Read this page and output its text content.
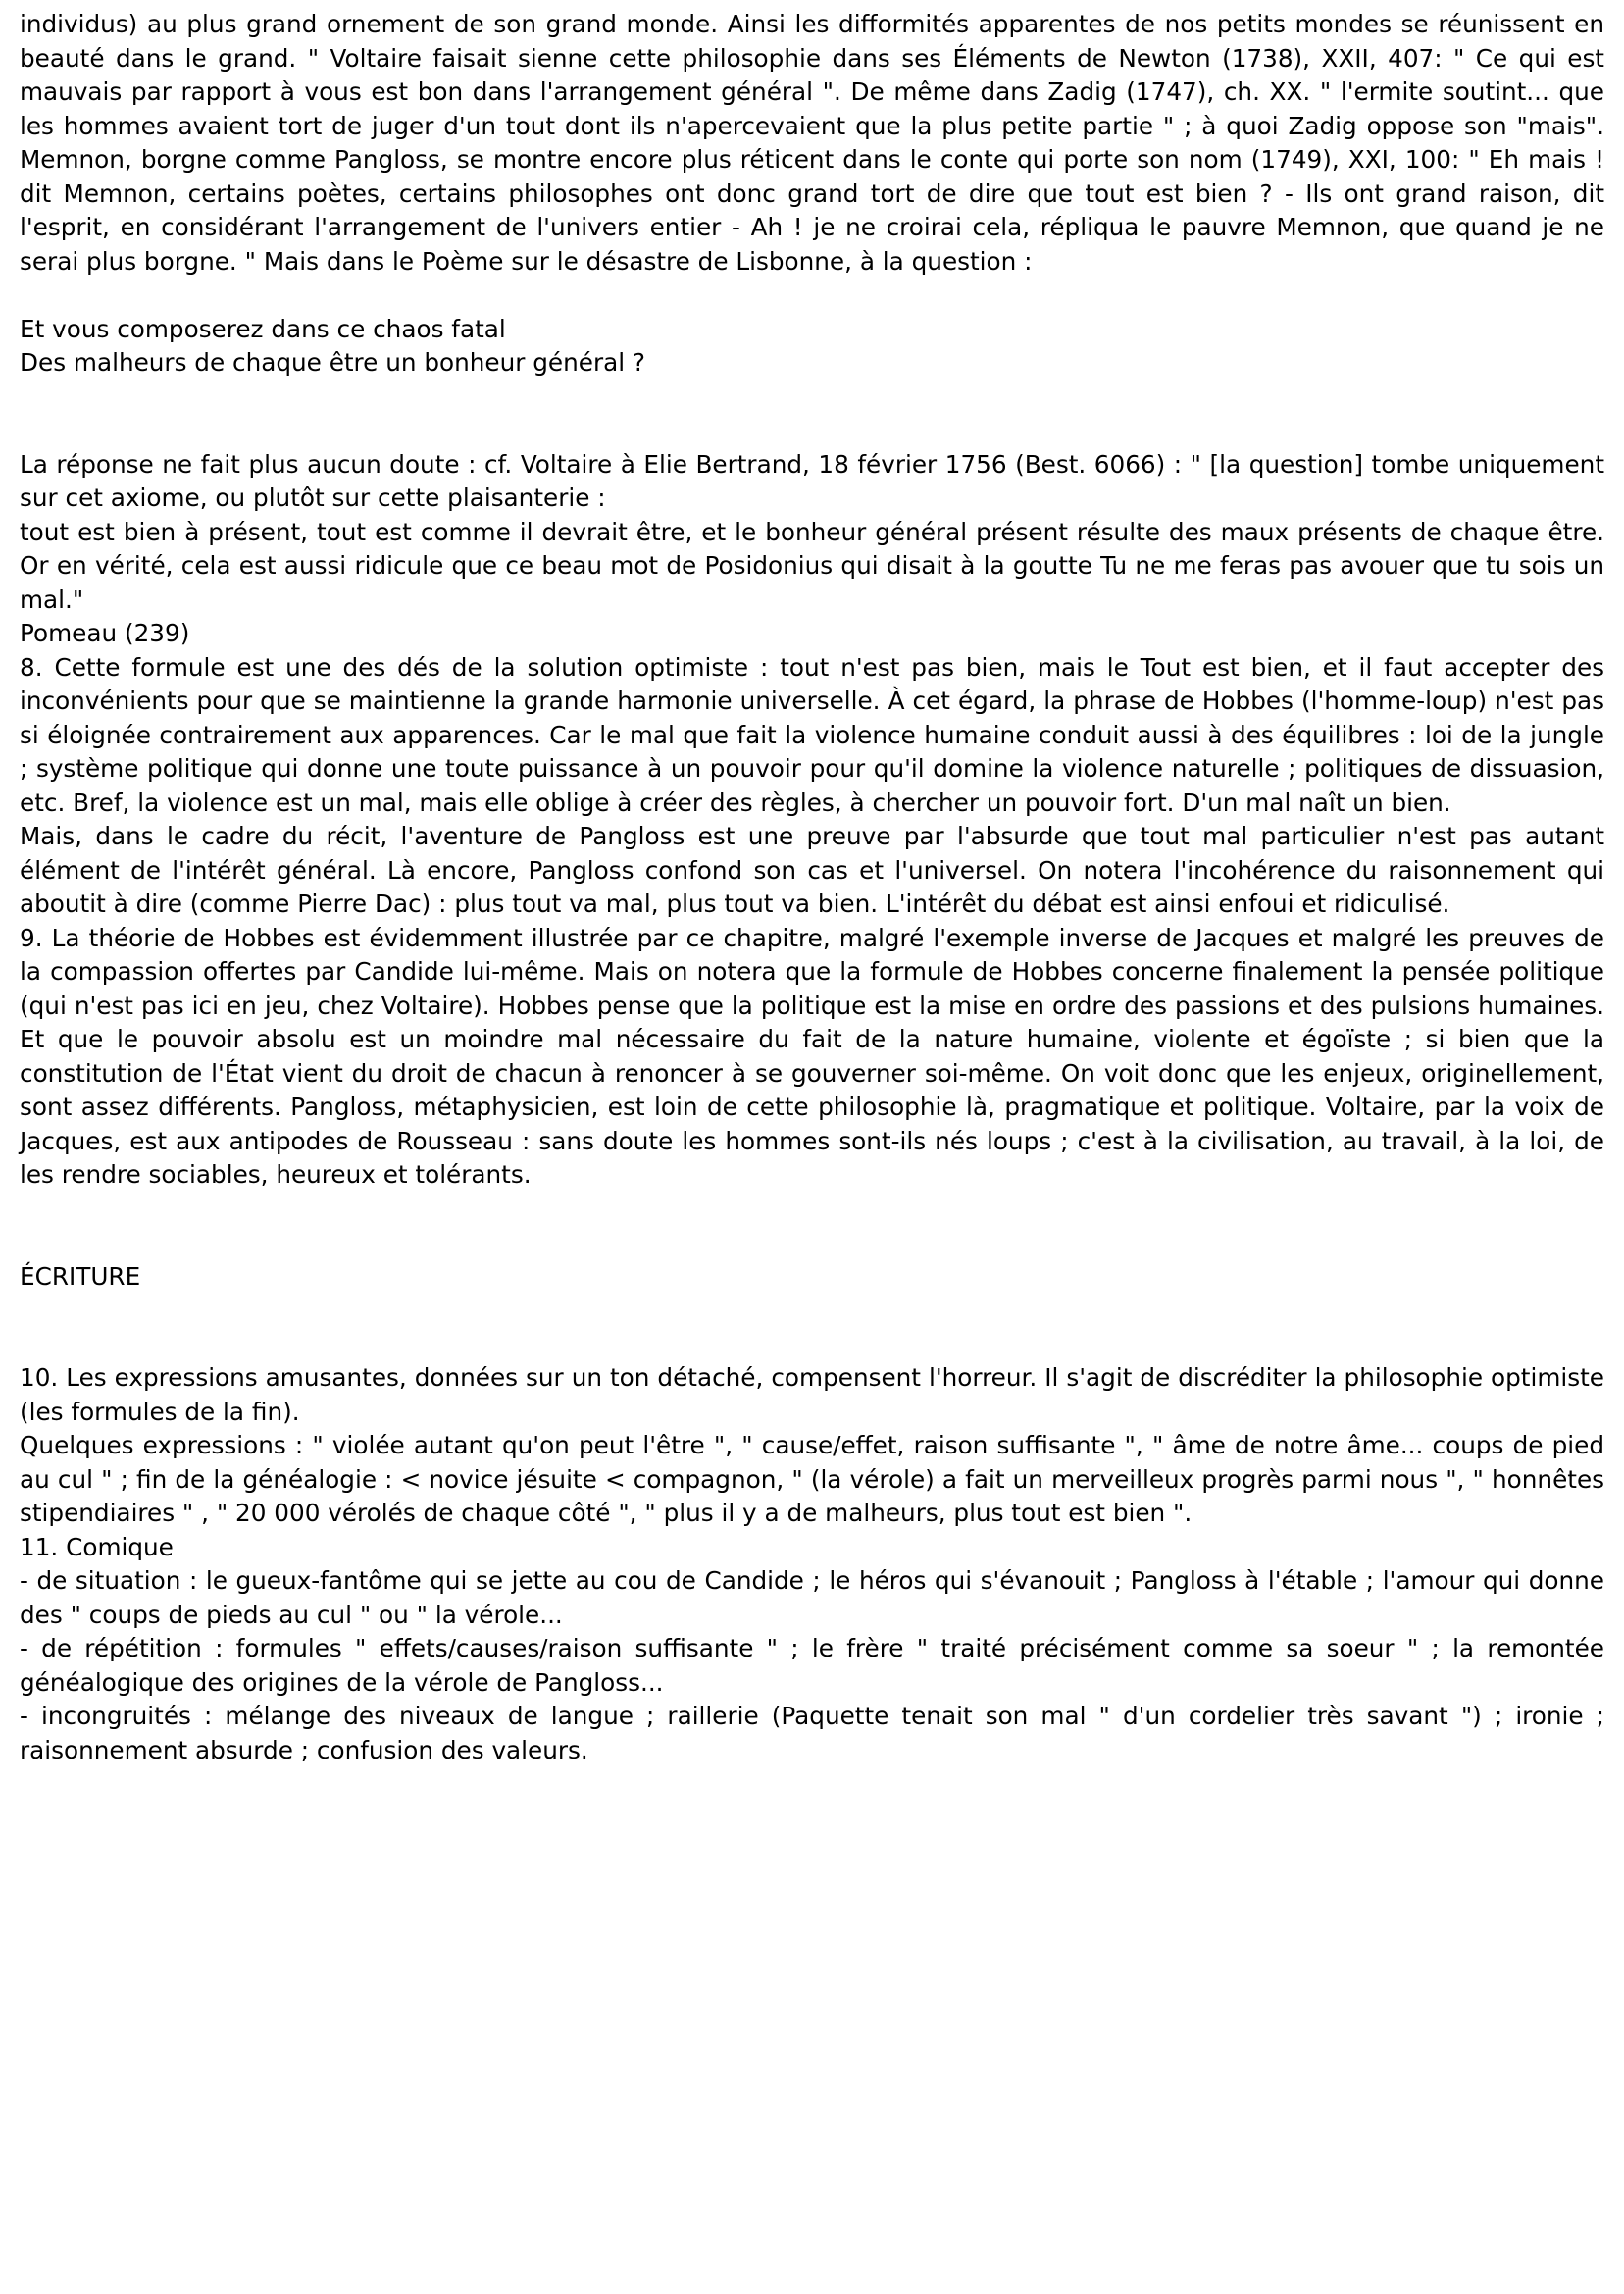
individus) au plus grand ornement de son grand monde. Ainsi les difformités apparentes de nos petits mondes se réunissent en beauté dans le grand. " Voltaire faisait sienne cette philosophie dans ses Éléments de Newton (1738), XXII, 407: " Ce qui est mauvais par rapport à vous est bon dans l'arrangement général ". De même dans Zadig (1747), ch. XX. " l'ermite soutint... que les hommes avaient tort de juger d'un tout dont ils n'apercevaient que la plus petite partie " ; à quoi Zadig oppose son "mais". Memnon, borgne comme Pangloss, se montre encore plus réticent dans le conte qui porte son nom (1749), XXI, 100: " Eh mais ! dit Memnon, certains poètes, certains philosophes ont donc grand tort de dire que tout est bien ? - Ils ont grand raison, dit l'esprit, en considérant l'arrangement de l'univers entier - Ah ! je ne croirai cela, répliqua le pauvre Memnon, que quand je ne serai plus borgne. " Mais dans le Poème sur le désastre de Lisbonne, à la question :
Et vous composerez dans ce chaos fatal
Des malheurs de chaque être un bonheur général ?
La réponse ne fait plus aucun doute : cf. Voltaire à Elie Bertrand, 18 février 1756 (Best. 6066) : " [la question] tombe uniquement sur cet axiome, ou plutôt sur cette plaisanterie :
tout est bien à présent, tout est comme il devrait être, et le bonheur général présent résulte des maux présents de chaque être. Or en vérité, cela est aussi ridicule que ce beau mot de Posidonius qui disait à la goutte Tu ne me feras pas avouer que tu sois un mal."
Pomeau (239)
8. Cette formule est une des dés de la solution optimiste : tout n'est pas bien, mais le Tout est bien, et il faut accepter des inconvénients pour que se maintienne la grande harmonie universelle. À cet égard, la phrase de Hobbes (l'homme-loup) n'est pas si éloignée contrairement aux apparences. Car le mal que fait la violence humaine conduit aussi à des équilibres : loi de la jungle ; système politique qui donne une toute puissance à un pouvoir pour qu'il domine la violence naturelle ; politiques de dissuasion, etc. Bref, la violence est un mal, mais elle oblige à créer des règles, à chercher un pouvoir fort. D'un mal naît un bien.
Mais, dans le cadre du récit, l'aventure de Pangloss est une preuve par l'absurde que tout mal particulier n'est pas autant élément de l'intérêt général. Là encore, Pangloss confond son cas et l'universel. On notera l'incohérence du raisonnement qui aboutit à dire (comme Pierre Dac) : plus tout va mal, plus tout va bien. L'intérêt du débat est ainsi enfoui et ridiculisé.
9. La théorie de Hobbes est évidemment illustrée par ce chapitre, malgré l'exemple inverse de Jacques et malgré les preuves de la compassion offertes par Candide lui-même. Mais on notera que la formule de Hobbes concerne finalement la pensée politique (qui n'est pas ici en jeu, chez Voltaire). Hobbes pense que la politique est la mise en ordre des passions et des pulsions humaines. Et que le pouvoir absolu est un moindre mal nécessaire du fait de la nature humaine, violente et égoïste ; si bien que la constitution de l'État vient du droit de chacun à renoncer à se gouverner soi-même. On voit donc que les enjeux, originellement, sont assez différents. Pangloss, métaphysicien, est loin de cette philosophie là, pragmatique et politique. Voltaire, par la voix de Jacques, est aux antipodes de Rousseau : sans doute les hommes sont-ils nés loups ; c'est à la civilisation, au travail, à la loi, de les rendre sociables, heureux et tolérants.
ÉCRITURE
10. Les expressions amusantes, données sur un ton détaché, compensent l'horreur. Il s'agit de discréditer la philosophie optimiste (les formules de la fin).
Quelques expressions : " violée autant qu'on peut l'être ", " cause/effet, raison suffisante ", " âme de notre âme... coups de pied au cul " ; fin de la généalogie : < novice jésuite < compagnon, " (la vérole) a fait un merveilleux progrès parmi nous ", " honnêtes stipendiaires " , " 20 000 vérolés de chaque côté ", " plus il y a de malheurs, plus tout est bien ".
11. Comique
- de situation : le gueux-fantôme qui se jette au cou de Candide ; le héros qui s'évanouit ; Pangloss à l'étable ; l'amour qui donne des " coups de pieds au cul " ou " la vérole...
- de répétition : formules " effets/causes/raison suffisante " ; le frère " traité précisément comme sa soeur " ; la remontée généalogique des origines de la vérole de Pangloss...
- incongruités : mélange des niveaux de langue ; raillerie (Paquette tenait son mal " d'un cordelier très savant ") ; ironie ; raisonnement absurde ; confusion des valeurs.
